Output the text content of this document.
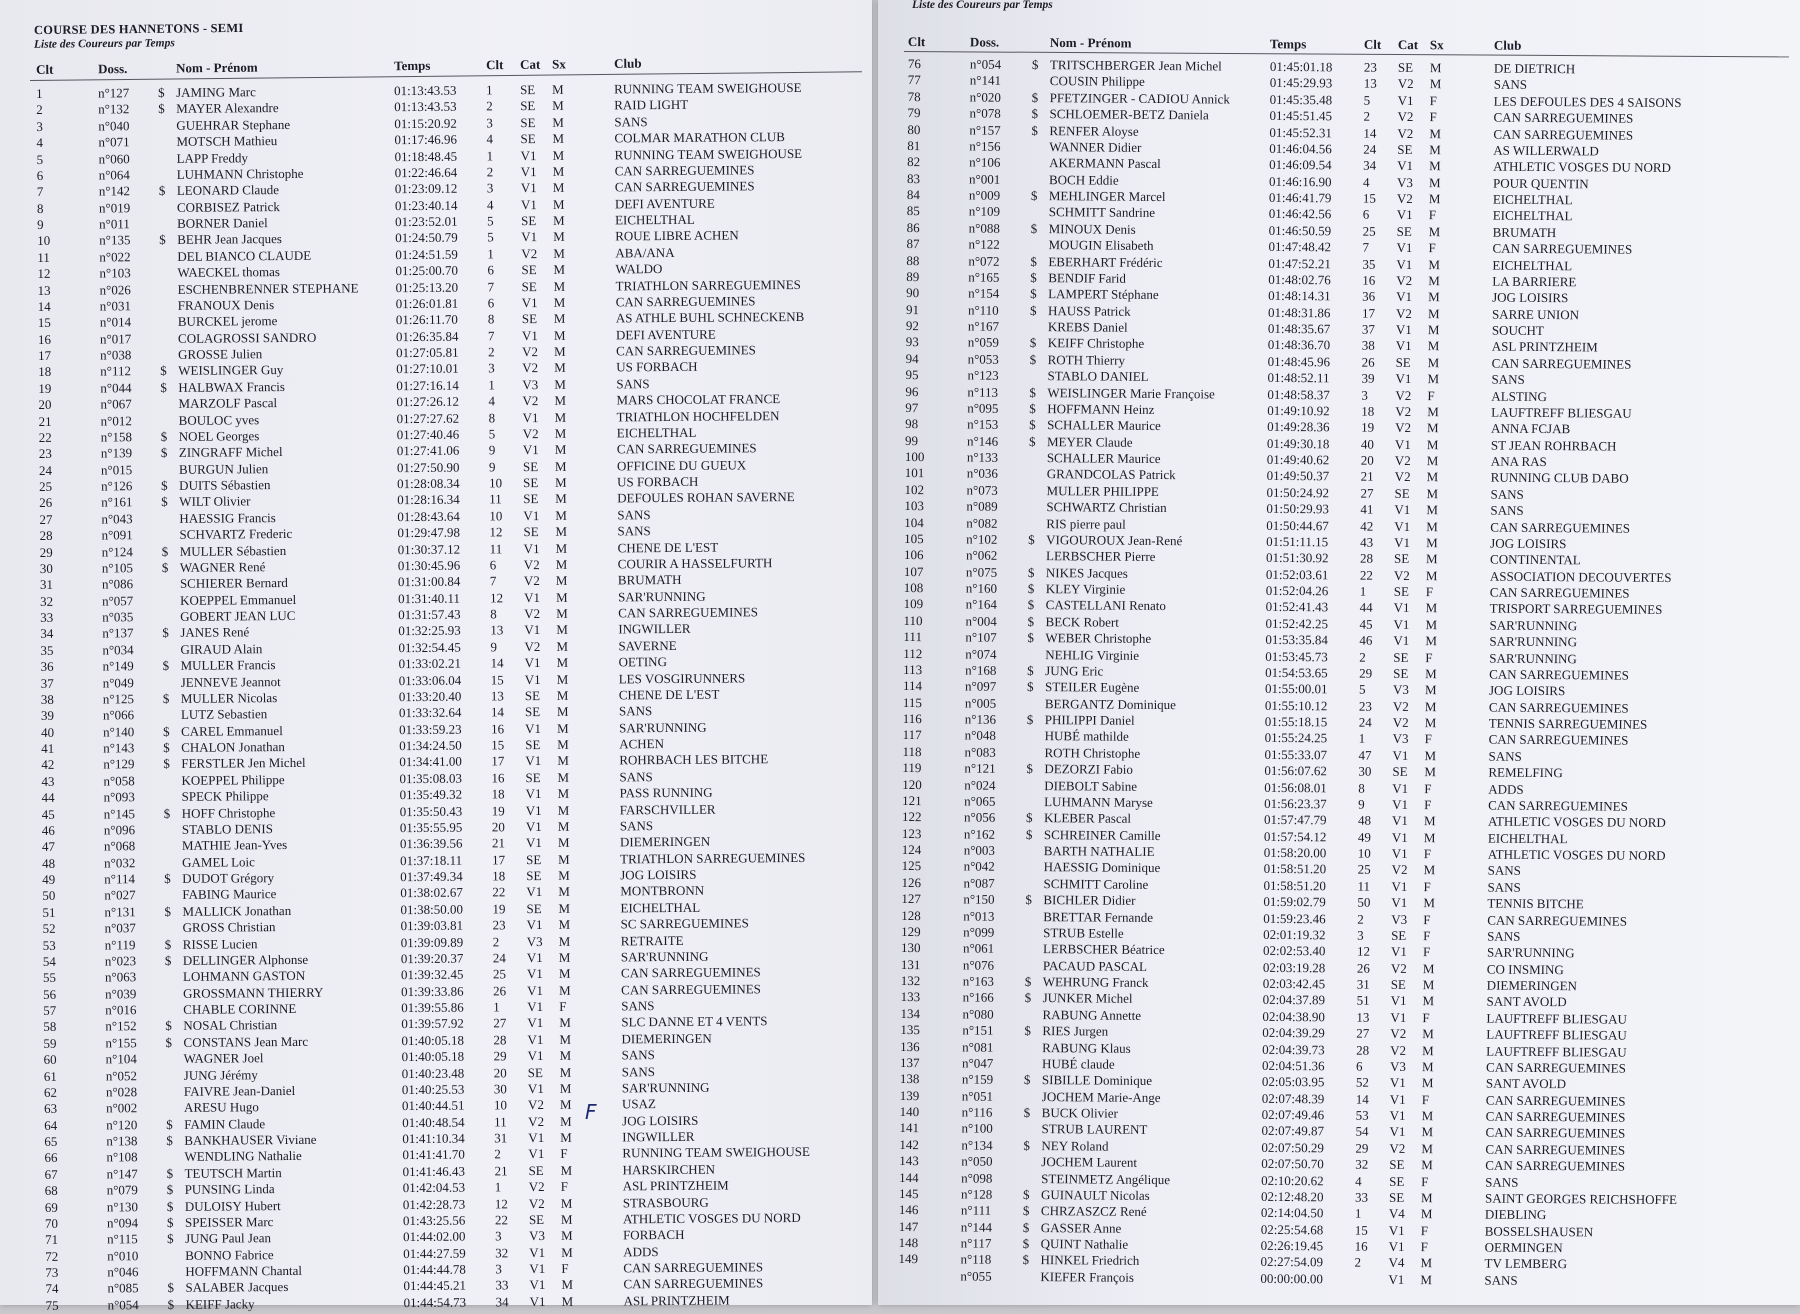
COURSE DES HANNETONS - SEMI
Liste des Coureurs par Temps
Clt	Doss.	Nom - Prénom	Temps	Clt Cat Sx	Club
1	n°127 $ JAMING Marc	01:13:43.53 1 SE M	RUNNING TEAM SWEIGHOUSE
2	n°132 $ MAYER Alexandre	01:13:43.53 2 SE M	RAID LIGHT
3	n°040	GUEHRAR Stephane	01:15:20.92 3 SE M	SANS
4	n°071	MOTSCH Mathieu	01:17:46.96 4 SE M	COLMAR MARATHON CLUB
5	n°060	LAPP Freddy	01:18:48.45 1 V1 M	RUNNING TEAM SWEIGHOUSE
6	n°064	LUHMANN Christophe	01:22:46.64 2 V1 M	CAN SARREGUEMINES
7	n°142 $ LEONARD Claude	01:23:09.12 3 V1 M	CAN SARREGUEMINES
8	n°019	CORBISEZ Patrick	01:23:40.14 4 V1 M	DEFI AVENTURE
9	n°011	BORNER Daniel	01:23:52.01 5 SE M	EICHELTHAL
10	n°135 $ BEHR Jean Jacques	01:24:50.79 5 V1 M	ROUE LIBRE ACHEN
11	n°022	DEL BIANCO CLAUDE	01:24:51.59 1 V2 M	ABA/ANA
12	n°103	WAECKEL thomas	01:25:00.70 6 SE M	WALDO
13	n°026	ESCHENBRENNER STEPHANE	01:25:13.20 7 SE M	TRIATHLON SARREGUEMINES
14	n°031	FRANOUX Denis	01:26:01.81 6 V1 M	CAN SARREGUEMINES
15	n°014	BURCKEL jerome	01:26:11.70 8 SE M	AS ATHLE BUHL SCHNECKENB
16	n°017	COLAGROSSI SANDRO	01:26:35.84 7 V1 M	DEFI AVENTURE
17	n°038	GROSSE Julien	01:27:05.81 2 V2 M	CAN SARREGUEMINES
18	n°112 $ WEISLINGER Guy	01:27:10.01 3 V2 M	US FORBACH
19	n°044 $ HALBWAX Francis	01:27:16.14 1 V3 M	SANS
20	n°067	MARZOLF Pascal	01:27:26.12 4 V2 M	MARS CHOCOLAT FRANCE
21	n°012	BOULOC yves	01:27:27.62 8 V1 M	TRIATHLON HOCHFELDEN
22	n°158 $ NOEL Georges	01:27:40.46 5 V2 M	EICHELTHAL
23	n°139 $ ZINGRAFF Michel	01:27:41.06 9 V1 M	CAN SARREGUEMINES
24	n°015	BURGUN Julien	01:27:50.90 9 SE M	OFFICINE DU GUEUX
25	n°126 $ DUITS Sébastien	01:28:08.34 10 SE M	US FORBACH
26	n°161 $ WILT Olivier	01:28:16.34 11 SE M	DEFOULES ROHAN SAVERNE
27	n°043	HAESSIG Francis	01:28:43.64 10 V1 M	SANS
28	n°091	SCHVARTZ Frederic	01:29:47.98 12 SE M	SANS
29	n°124 $ MULLER Sébastien	01:30:37.12 11 V1 M	CHENE DE L'EST
30	n°105 $ WAGNER René	01:30:45.96 6 V2 M	COURIR A HASSELFURTH
31	n°086	SCHIERER Bernard	01:31:00.84 7 V2 M	BRUMATH
32	n°057	KOEPPEL Emmanuel	01:31:40.11 12 V1 M	SAR'RUNNING
33	n°035	GOBERT JEAN LUC	01:31:57.43 8 V2 M	CAN SARREGUEMINES
34	n°137 $ JANES René	01:32:25.93 13 V1 M	INGWILLER
35	n°034	GIRAUD Alain	01:32:54.45 9 V2 M	SAVERNE
36	n°149 $ MULLER Francis	01:33:02.21 14 V1 M	OETING
37	n°049	JENNEVE Jeannot	01:33:06.04 15 V1 M	LES VOSGIRUNNERS
38	n°125 $ MULLER Nicolas	01:33:20.40 13 SE M	CHENE DE L'EST
39	n°066	LUTZ Sebastien	01:33:32.64 14 SE M	SANS
40	n°140 $ CAREL Emmanuel	01:33:59.23 16 V1 M	SAR'RUNNING
41	n°143 $ CHALON Jonathan	01:34:24.50 15 SE M	ACHEN
42	n°129 $ FERSTLER Jen Michel	01:34:41.00 17 V1 M	ROHRBACH LES BITCHE
43	n°058	KOEPPEL Philippe	01:35:08.03 16 SE M	SANS
44	n°093	SPECK Philippe	01:35:49.32 18 V1 M	PASS RUNNING
45	n°145 $ HOFF Christophe	01:35:50.43 19 V1 M	FARSCHVILLER
46	n°096	STABLO DENIS	01:35:55.95 20 V1 M	SANS
47	n°068	MATHIE Jean-Yves	01:36:39.56 21 V1 M	DIEMERINGEN
48	n°032	GAMEL Loic	01:37:18.11 17 SE M	TRIATHLON SARREGUEMINES
49	n°114 $ DUDOT Grégory	01:37:49.34 18 SE M	JOG LOISIRS
50	n°027	FABING Maurice	01:38:02.67 22 V1 M	MONTBRONN
51	n°131 $ MALLICK Jonathan	01:38:50.00 19 SE M	EICHELTHAL
52	n°037	GROSS Christian	01:39:03.81 23 V1 M	SC SARREGUEMINES
53	n°119 $ RISSE Lucien	01:39:09.89 2 V3 M	RETRAITE
54	n°023 $ DELLINGER Alphonse	01:39:20.37 24 V1 M	SAR'RUNNING
55	n°063	LOHMANN GASTON	01:39:32.45 25 V1 M	CAN SARREGUEMINES
56	n°039	GROSSMANN THIERRY	01:39:33.86 26 V1 M	CAN SARREGUEMINES
57	n°016	CHABLE CORINNE	01:39:55.86 1 V1 F	SANS
58	n°152 $ NOSAL Christian	01:39:57.92 27 V1 M	SLC DANNE ET 4 VENTS
59	n°155 $ CONSTANS Jean Marc	01:40:05.18 28 V1 M	DIEMERINGEN
60	n°104	WAGNER Joel	01:40:05.18 29 V1 M	SANS
61	n°052	JUNG Jérémy	01:40:23.48 20 SE M	SANS
62	n°028	FAIVRE Jean-Daniel	01:40:25.53 30 V1 M	SAR'RUNNING
63	n°002	ARESU Hugo	01:40:44.51 10 V2 M	USAZ
64	n°120 $ FAMIN Claude	01:40:48.54 11 V2 M	JOG LOISIRS
65	n°138 $ BANKHAUSER Viviane	01:41:10.34 31 V1 M	INGWILLER
66	n°108	WENDLING Nathalie	01:41:41.70 2 V1 F	RUNNING TEAM SWEIGHOUSE
67	n°147 $ TEUTSCH Martin	01:41:46.43 21 SE M	HARSKIRCHEN
68	n°079 $ PUNSING Linda	01:42:04.53 1 V2 F	ASL PRINTZHEIM
69	n°130 $ DULOISY Hubert	01:42:28.73 12 V2 M	STRASBOURG
70	n°094 $ SPEISSER Marc	01:43:25.56 22 SE M	ATHLETIC VOSGES DU NORD
71	n°115 $ JUNG Paul Jean	01:44:02.00 3 V3 M	FORBACH
72	n°010	BONNO Fabrice	01:44:27.59 32 V1 M	ADDS
73	n°046	HOFFMANN Chantal	01:44:44.78 3 V1 F	CAN SARREGUEMINES
74	n°085 $ SALABER Jacques	01:44:45.21 33 V1 M	CAN SARREGUEMINES
75	n°054 $ KEIFF Jacky	01:44:54.73 34 V1 M	ASL PRINTZHEIM
F
Liste des Coureurs par Temps
Clt	Doss.	Nom - Prénom	Temps	Clt Cat Sx	Club
76	n°054 $ TRITSCHBERGER Jean Michel	01:45:01.18 23 SE M	DE DIETRICH
77	n°141	COUSIN Philippe	01:45:29.93 13 V2 M	SANS
78	n°020 $ PFETZINGER - CADIOU Annick	01:45:35.48 5 V1 F	LES DEFOULES DES 4 SAISONS
79	n°078 $ SCHLOEMER-BETZ Daniela	01:45:51.45 2 V2 F	CAN SARREGUEMINES
80	n°157 $ RENFER Aloyse	01:45:52.31 14 V2 M	CAN SARREGUEMINES
81	n°156	WANNER Didier	01:46:04.56 24 SE M	AS WILLERWALD
82	n°106	AKERMANN Pascal	01:46:09.54 34 V1 M	ATHLETIC VOSGES DU NORD
83	n°001	BOCH Eddie	01:46:16.90 4 V3 M	POUR QUENTIN
84	n°009 $ MEHLINGER Marcel	01:46:41.79 15 V2 M	EICHELTHAL
85	n°109	SCHMITT Sandrine	01:46:42.56 6 V1 F	EICHELTHAL
86	n°088 $ MINOUX Denis	01:46:50.59 25 SE M	BRUMATH
87	n°122	MOUGIN Elisabeth	01:47:48.42 7 V1 F	CAN SARREGUEMINES
88	n°072 $ EBERHART Frédéric	01:47:52.21 35 V1 M	EICHELTHAL
89	n°165 $ BENDIF Farid	01:48:02.76 16 V2 M	LA BARRIERE
90	n°154 $ LAMPERT Stéphane	01:48:14.31 36 V1 M	JOG LOISIRS
91	n°110 $ HAUSS Patrick	01:48:31.86 17 V2 M	SARRE UNION
92	n°167	KREBS Daniel	01:48:35.67 37 V1 M	SOUCHT
93	n°059 $ KEIFF Christophe	01:48:36.70 38 V1 M	ASL PRINTZHEIM
94	n°053 $ ROTH Thierry	01:48:45.96 26 SE M	CAN SARREGUEMINES
95	n°123	STABLO DANIEL	01:48:52.11 39 V1 M	SANS
96	n°113 $ WEISLINGER Marie Françoise	01:48:58.37 3 V2 F	ALSTING
97	n°095 $ HOFFMANN Heinz	01:49:10.92 18 V2 M	LAUFTREFF BLIESGAU
98	n°153 $ SCHALLER Maurice	01:49:28.36 19 V2 M	ANNA FCJAB
99	n°146 $ MEYER Claude	01:49:30.18 40 V1 M	ST JEAN ROHRBACH
100	n°133	SCHALLER Maurice	01:49:40.62 20 V2 M	ANA RAS
101	n°036	GRANDCOLAS Patrick	01:49:50.37 21 V2 M	RUNNING CLUB DABO
102	n°073	MULLER PHILIPPE	01:50:24.92 27 SE M	SANS
103	n°089	SCHWARTZ Christian	01:50:29.93 41 V1 M	SANS
104	n°082	RIS pierre paul	01:50:44.67 42 V1 M	CAN SARREGUEMINES
105	n°102 $ VIGOUROUX Jean-René	01:51:11.15 43 V1 M	JOG LOISIRS
106	n°062	LERBSCHER Pierre	01:51:30.92 28 SE M	CONTINENTAL
107	n°075 $ NIKES Jacques	01:52:03.61 22 V2 M	ASSOCIATION DECOUVERTES
108	n°160 $ KLEY Virginie	01:52:04.26 1 SE F	CAN SARREGUEMINES
109	n°164 $ CASTELLANI Renato	01:52:41.43 44 V1 M	TRISPORT SARREGUEMINES
110	n°004 $ BECK Robert	01:52:42.25 45 V1 M	SAR'RUNNING
111	n°107 $ WEBER Christophe	01:53:35.84 46 V1 M	SAR'RUNNING
112	n°074	NEHLIG Virginie	01:53:45.73 2 SE F	SAR'RUNNING
113	n°168 $ JUNG Eric	01:54:53.65 29 SE M	CAN SARREGUEMINES
114	n°097 $ STEILER Eugène	01:55:00.01 5 V3 M	JOG LOISIRS
115	n°005	BERGANTZ Dominique	01:55:10.12 23 V2 M	CAN SARREGUEMINES
116	n°136 $ PHILIPPI Daniel	01:55:18.15 24 V2 M	TENNIS SARREGUEMINES
117	n°048	HUBÉ mathilde	01:55:24.25 1 V3 F	CAN SARREGUEMINES
118	n°083	ROTH Christophe	01:55:33.07 47 V1 M	SANS
119	n°121 $ DEZORZI Fabio	01:56:07.62 30 SE M	REMELFING
120	n°024	DIEBOLT Sabine	01:56:08.01 8 V1 F	ADDS
121	n°065	LUHMANN Maryse	01:56:23.37 9 V1 F	CAN SARREGUEMINES
122	n°056 $ KLEBER Pascal	01:57:47.79 48 V1 M	ATHLETIC VOSGES DU NORD
123	n°162 $ SCHREINER Camille	01:57:54.12 49 V1 M	EICHELTHAL
124	n°003	BARTH NATHALIE	01:58:20.00 10 V1 F	ATHLETIC VOSGES DU NORD
125	n°042	HAESSIG Dominique	01:58:51.20 25 V2 M	SANS
126	n°087	SCHMITT Caroline	01:58:51.20 11 V1 F	SANS
127	n°150 $ BICHLER Didier	01:59:02.79 50 V1 M	TENNIS BITCHE
128	n°013	BRETTAR Fernande	01:59:23.46 2 V3 F	CAN SARREGUEMINES
129	n°099	STRUB Estelle	02:01:19.32 3 SE F	SANS
130	n°061	LERBSCHER Béatrice	02:02:53.40 12 V1 F	SAR'RUNNING
131	n°076	PACAUD PASCAL	02:03:19.28 26 V2 M	CO INSMING
132	n°163 $ WEHRUNG Franck	02:03:42.45 31 SE M	DIEMERINGEN
133	n°166 $ JUNKER Michel	02:04:37.89 51 V1 M	SANT AVOLD
134	n°080	RABUNG Annette	02:04:38.90 13 V1 F	LAUFTREFF BLIESGAU
135	n°151 $ RIES Jurgen	02:04:39.29 27 V2 M	LAUFTREFF BLIESGAU
136	n°081	RABUNG Klaus	02:04:39.73 28 V2 M	LAUFTREFF BLIESGAU
137	n°047	HUBÉ claude	02:04:51.36 6 V3 M	CAN SARREGUEMINES
138	n°159 $ SIBILLE Dominique	02:05:03.95 52 V1 M	SANT AVOLD
139	n°051	JOCHEM Marie-Ange	02:07:48.39 14 V1 F	CAN SARREGUEMINES
140	n°116 $ BUCK Olivier	02:07:49.46 53 V1 M	CAN SARREGUEMINES
141	n°100	STRUB LAURENT	02:07:49.87 54 V1 M	CAN SARREGUEMINES
142	n°134 $ NEY Roland	02:07:50.29 29 V2 M	CAN SARREGUEMINES
143	n°050	JOCHEM Laurent	02:07:50.70 32 SE M	CAN SARREGUEMINES
144	n°098	STEINMETZ Angélique	02:10:20.62 4 SE F	SANS
145	n°128 $ GUINAULT Nicolas	02:12:48.20 33 SE M	SAINT GEORGES REICHSHOFFE
146	n°111 $ CHRZASZCZ René	02:14:04.50 1 V4 M	DIEBLING
147	n°144 $ GASSER Anne	02:25:54.68 15 V1 F	BOSSELSHAUSEN
148	n°117 $ QUINT Nathalie	02:26:19.45 16 V1 F	OERMINGEN
149	n°118 $ HINKEL Friedrich	02:27:54.09 2 V4 M	TV LEMBERG
n°055	KIEFER François	00:00:00.00	V1 M	SANS
